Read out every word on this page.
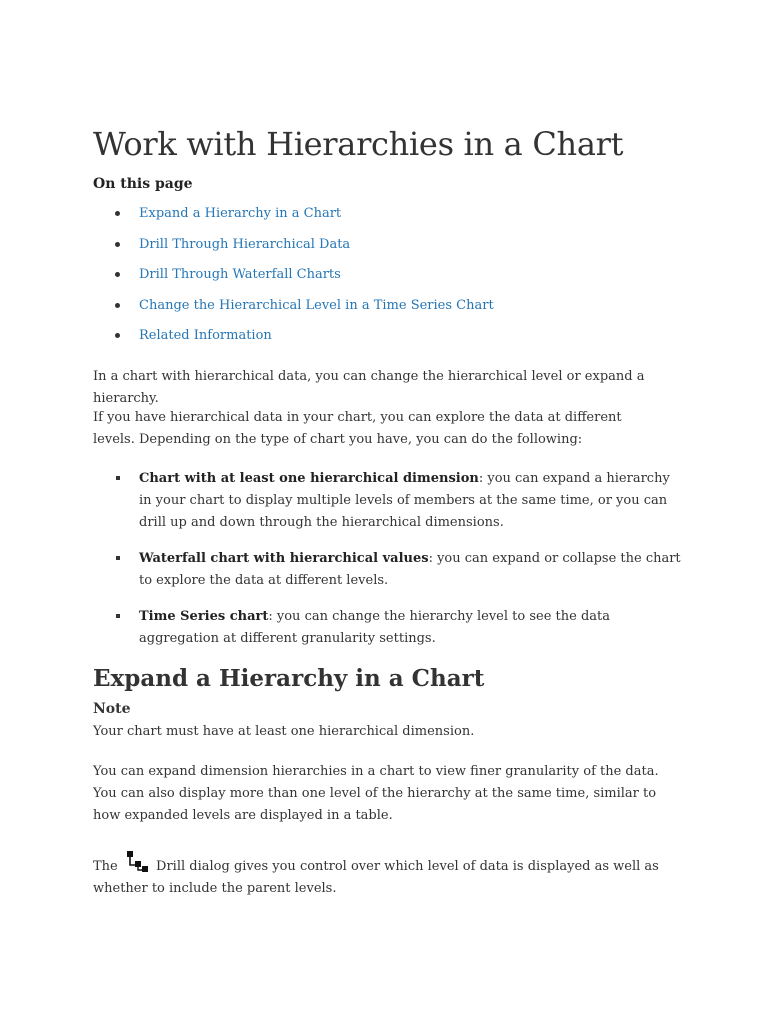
Work with Hierarchies in a Chart
On this page
Expand a Hierarchy in a Chart
Drill Through Hierarchical Data
Drill Through Waterfall Charts
Change the Hierarchical Level in a Time Series Chart
Related Information

In a chart with hierarchical data, you can change the hierarchical level or expand a hierarchy.

If you have hierarchical data in your chart, you can explore the data at different levels. Depending on the type of chart you have, you can do the following:

Chart with at least one hierarchical dimension: you can expand a hierarchy in your chart to display multiple levels of members at the same time, or you can drill up and down through the hierarchical dimensions.
Waterfall chart with hierarchical values: you can expand or collapse the chart to explore the data at different levels.
Time Series chart: you can change the hierarchy level to see the data aggregation at different granularity settings.
Expand a Hierarchy in a Chart
Note

Your chart must have at least one hierarchical dimension.

You can expand dimension hierarchies in a chart to view finer granularity of the data. You can also display more than one level of the hierarchy at the same time, similar to how expanded levels are displayed in a table.

The	Drill dialog gives you control over which level of data is displayed as well as whether to include the parent levels.
